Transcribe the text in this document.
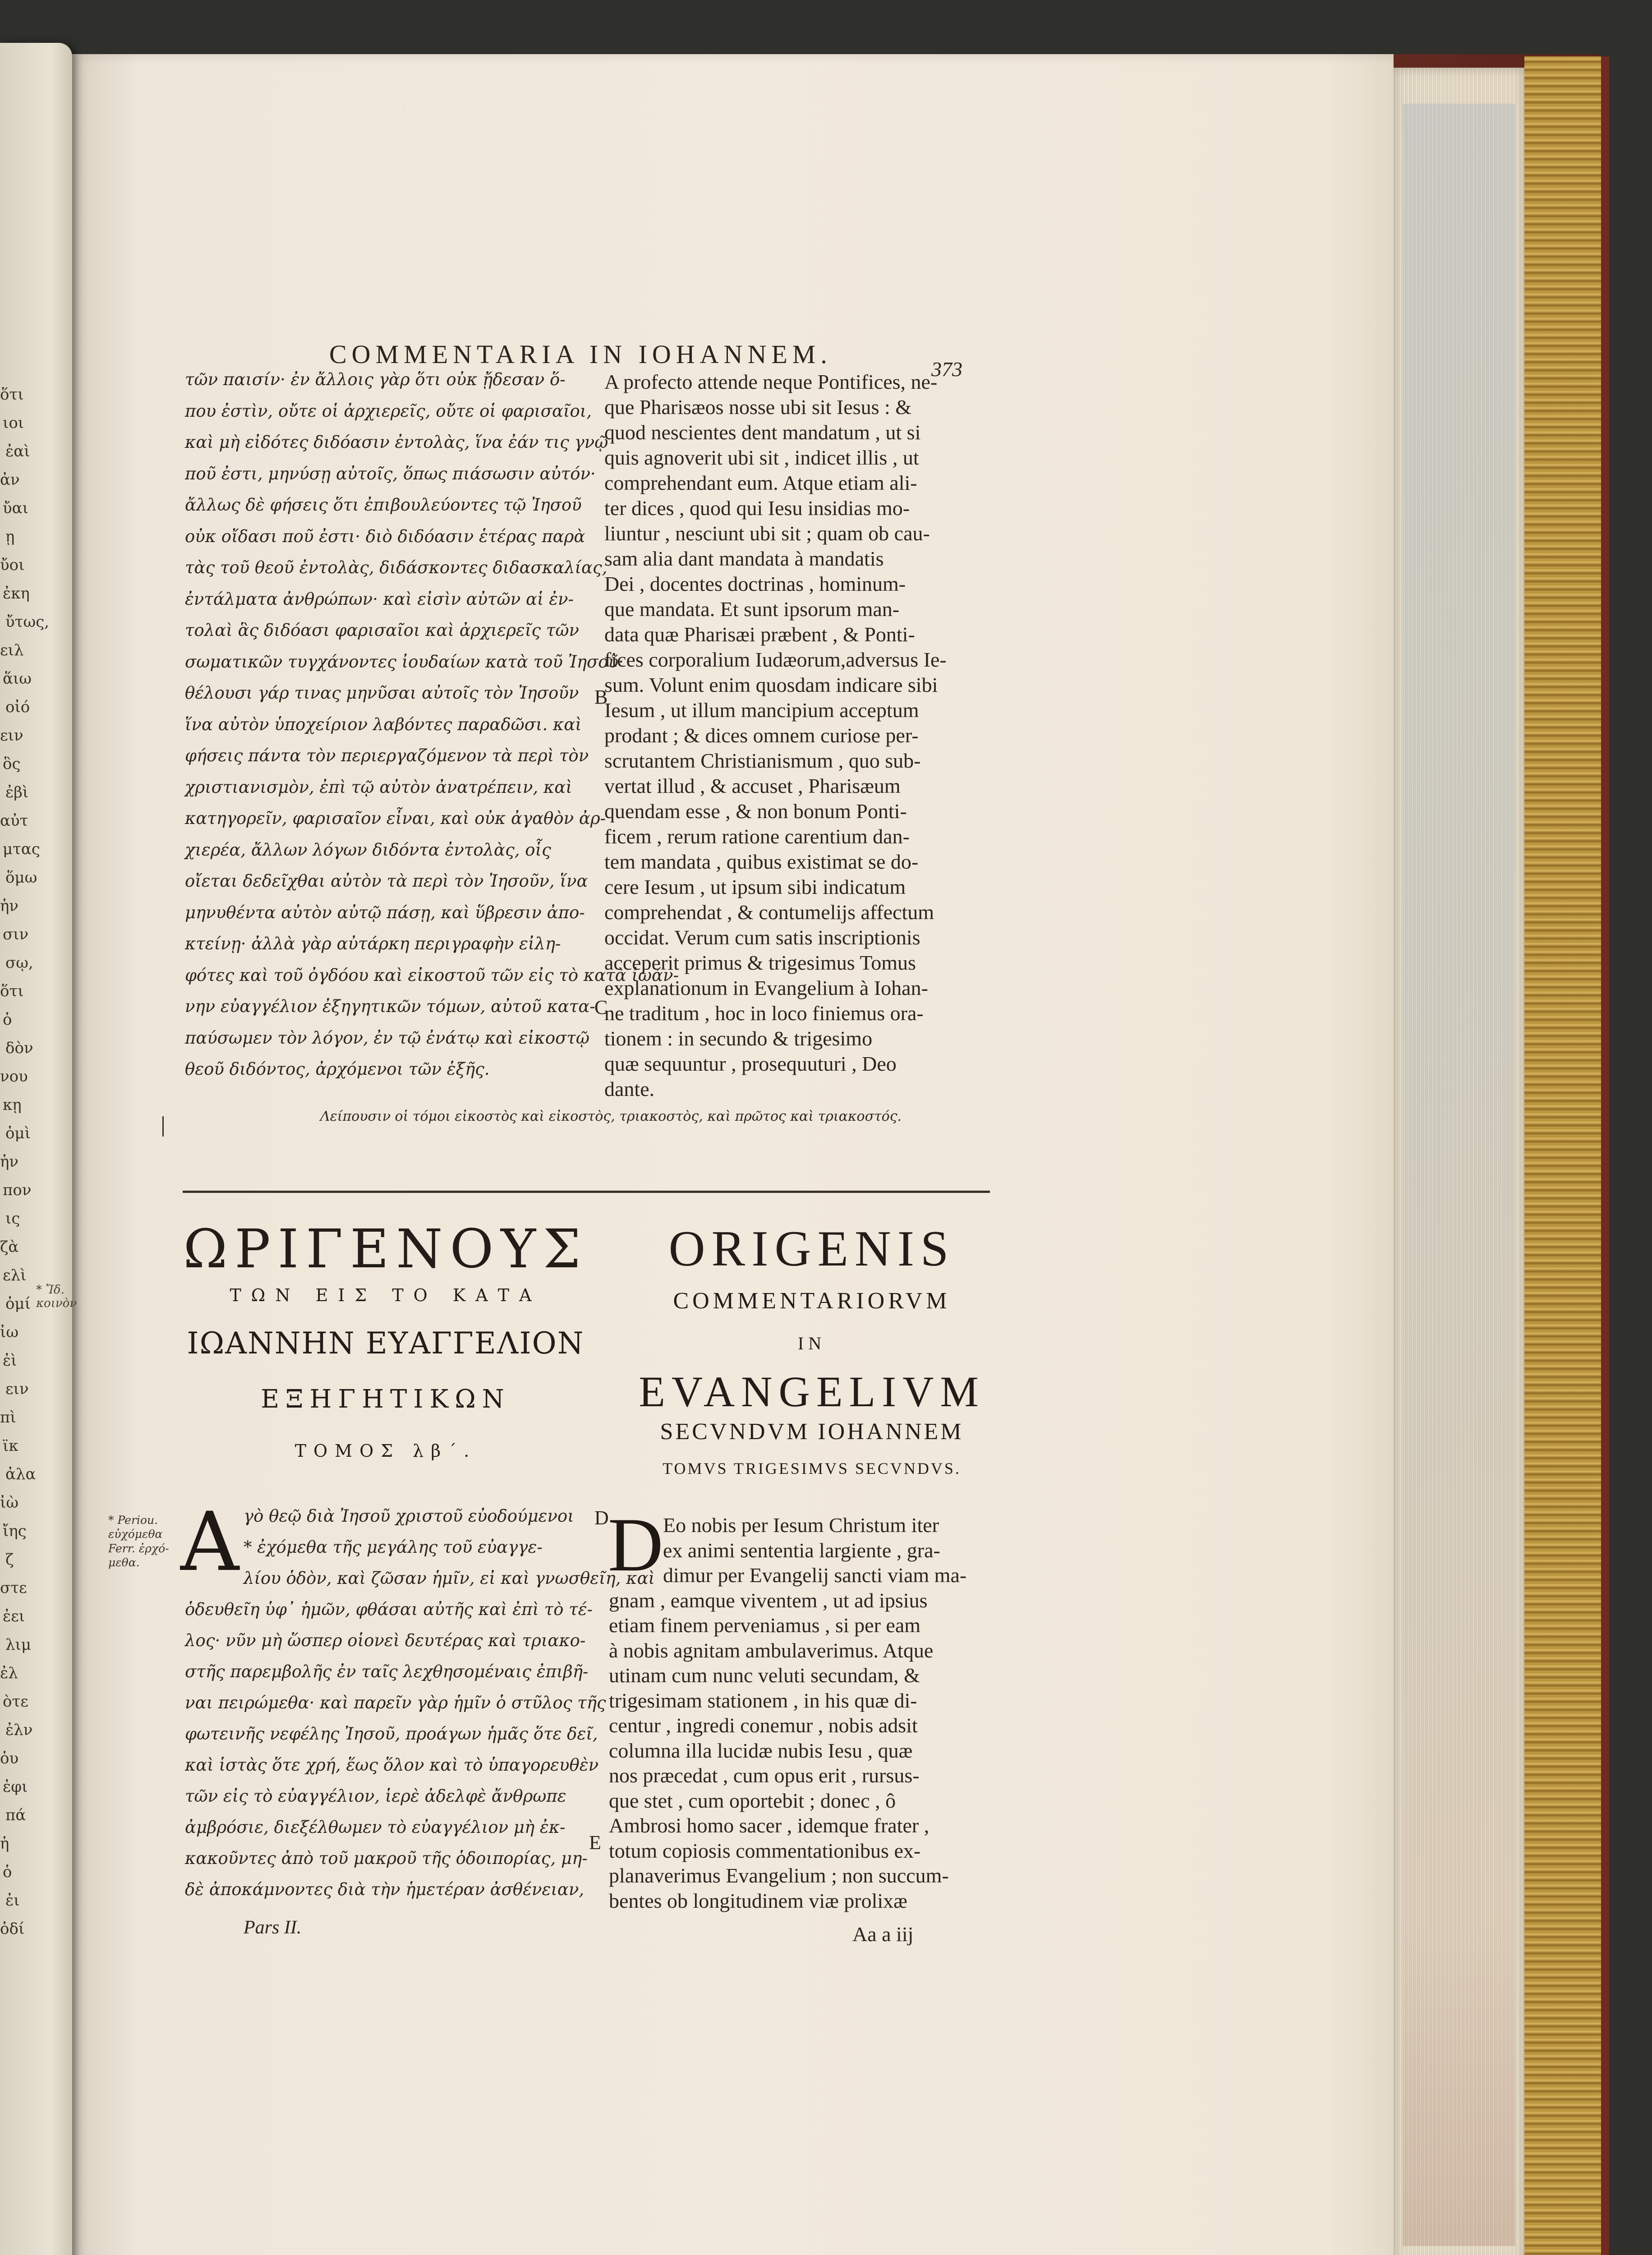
ὅτι
ιοι
ἐαὶ
ἀν
ὔαι
ῃ
ὔοι
ἐκη
ὔτως,
ειλ
ἅιω
οἰό
ειν
ὃς
ἐβὶ
αὐτ
μτας
ὅμω
ἡν
σιν
σῳ,
ὅτι
ὁ
δὸν
νου
κῃ
ὁμὶ
ἡν
πον
ις
ζὰ
ελὶ
ὁμί
ἰω
ἐὶ
ειν
πὶ
ϊκ
ἀλα
ἰὼ
ἴης
ζ
στε
ἐει
λιμ
ἐλ
ὸτε
ἐλν
ὁυ
ἐφι
πά
ἡ
ὁ
ἐι
ὁδί
* Ἴδ. κοινὸν
COMMENTARIA IN IOHANNEM.
373
τῶν παισίν· ἐν ἄλλοις γὰρ ὅτι οὐκ ᾔδεσαν ὅ-
που ἐστὶν, οὔτε οἱ ἀρχιερεῖς, οὔτε οἱ φαρισαῖοι,
καὶ μὴ εἰδότες διδόασιν ἐντολὰς, ἵνα ἐάν τις γνῷ
ποῦ ἐστι, μηνύσῃ αὐτοῖς, ὅπως πιάσωσιν αὐτόν·
ἄλλως δὲ φήσεις ὅτι ἐπιβουλεύοντες τῷ Ἰησοῦ
οὐκ οἴδασι ποῦ ἐστι· διὸ διδόασιν ἑτέρας παρὰ
τὰς τοῦ θεοῦ ἐντολὰς, διδάσκοντες διδασκαλίας,
ἐντάλματα ἀνθρώπων· καὶ εἰσὶν αὐτῶν αἱ ἐν-
τολαὶ ἃς διδόασι φαρισαῖοι καὶ ἀρχιερεῖς τῶν
σωματικῶν τυγχάνοντες ἰουδαίων κατὰ τοῦ Ἰησοῦ·
θέλουσι γάρ τινας μηνῦσαι αὐτοῖς τὸν Ἰησοῦν
ἵνα αὐτὸν ὑποχείριον λαβόντες παραδῶσι. καὶ
φήσεις πάντα τὸν περιεργαζόμενον τὰ περὶ τὸν
χριστιανισμὸν, ἐπὶ τῷ αὐτὸν ἀνατρέπειν, καὶ
κατηγορεῖν, φαρισαῖον εἶναι, καὶ οὐκ ἀγαθὸν ἀρ-
χιερέα, ἄλλων λόγων διδόντα ἐντολὰς, οἷς
οἴεται δεδεῖχθαι αὐτὸν τὰ περὶ τὸν Ἰησοῦν, ἵνα
μηνυθέντα αὐτὸν αὐτῷ πάσῃ, καὶ ὕβρεσιν ἀπο-
κτείνῃ· ἀλλὰ γὰρ αὐτάρκη περιγραφὴν εἰλη-
φότες καὶ τοῦ ὀγδόου καὶ εἰκοστοῦ τῶν εἰς τὸ κατὰ ἰωάν-
νην εὐαγγέλιον ἐξηγητικῶν τόμων, αὐτοῦ κατα-
παύσωμεν τὸν λόγον, ἐν τῷ ἐνάτῳ καὶ εἰκοστῷ
θεοῦ διδόντος, ἀρχόμενοι τῶν ἑξῆς.
A profecto attende neque Pontifices, ne-
que Pharisæos nosse ubi sit Iesus : &
quod nescientes dent mandatum , ut si
quis agnoverit ubi sit , indicet illis , ut
comprehendant eum. Atque etiam ali-
ter dices , quod qui Iesu insidias mo-
liuntur , nesciunt ubi sit ; quam ob cau-
sam alia dant mandata à mandatis
Dei , docentes doctrinas , hominum-
que mandata. Et sunt ipsorum man-
data quæ Pharisæi præbent , & Ponti-
fices corporalium Iudæorum,adversus Ie-
sum. Volunt enim quosdam indicare sibi
Iesum , ut illum mancipium acceptum
prodant ; & dices omnem curiose per-
scrutantem Christianismum , quo sub-
vertat illud , & accuset , Pharisæum
quendam esse , & non bonum Ponti-
ficem , rerum ratione carentium dan-
tem mandata , quibus existimat se do-
cere Iesum , ut ipsum sibi indicatum
comprehendat , & contumelijs affectum
occidat. Verum cum satis inscriptionis
acceperit primus & trigesimus Tomus
explanationum in Evangelium à Iohan-
ne traditum , hoc in loco finiemus ora-
tionem : in secundo & trigesimo
quæ sequuntur , prosequuturi , Deo
dante.
B
C
D
E
Λείπουσιν οἱ τόμοι εἰκοστὸς καὶ εἰκοστὸς, τριακοστὸς, καὶ πρῶτος καὶ τριακοστός.
ΩΡΙΓΕΝΟΥΣ
ΤΩΝ ΕΙΣ ΤΟ ΚΑΤΑ
ΙΩΑΝΝΗΝ ΕΥΑΓΓΕΛΙΟΝ
ΕΞΗΓΗΤΙΚΩΝ
ΤΟΜΟΣ λβ΄.
ORIGENIS
COMMENTARIORVM
IN
EVANGELIVM
SECVNDVM IOHANNEM
TOMVS TRIGESIMVS SECVNDVS.
* Periou. εὐχόμεθα Ferr. ἐρχό-μεθα. A γὸ θεῷ διὰ Ἰησοῦ χριστοῦ εὐοδούμενοι
* ἐχόμεθα τῆς μεγάλης τοῦ εὐαγγε-
λίου ὁδὸν, καὶ ζῶσαν ἡμῖν, εἰ καὶ γνωσθεῖη, καὶ
ὁδευθεῖη ὑφ᾽ ἡμῶν, φθάσαι αὐτῆς καὶ ἐπὶ τὸ τέ-
λος· νῦν μὴ ὥσπερ οἱονεὶ δευτέρας καὶ τριακο-
στῆς παρεμβολῆς ἐν ταῖς λεχθησομέναις ἐπιβῆ-
ναι πειρώμεθα· καὶ παρεῖν γὰρ ἡμῖν ὁ στῦλος τῆς
φωτεινῆς νεφέλης Ἰησοῦ, προάγων ἡμᾶς ὅτε δεῖ,
καὶ ἱστὰς ὅτε χρή, ἕως ὅλον καὶ τὸ ὑπαγορευθὲν
τῶν εἰς τὸ εὐαγγέλιον, ἱερὲ ἀδελφὲ ἄνθρωπε
ἀμβρόσιε, διεξέλθωμεν τὸ εὐαγγέλιον μὴ ἐκ-
κακοῦντες ἀπὸ τοῦ μακροῦ τῆς ὁδοιπορίας, μη-
δὲ ἀποκάμνοντες διὰ τὴν ἡμετέραν ἀσθένειαν,
D Eo nobis per Iesum Christum iter
ex animi sententia largiente , gra-
dimur per Evangelij sancti viam ma-
gnam , eamque viventem , ut ad ipsius
etiam finem perveniamus , si per eam
à nobis agnitam ambulaverimus. Atque
utinam cum nunc veluti secundam, &
trigesimam stationem , in his quæ di-
centur , ingredi conemur , nobis adsit
columna illa lucidæ nubis Iesu , quæ
nos præcedat , cum opus erit , rursus-
que stet , cum oportebit ; donec , ô
Ambrosi homo sacer , idemque frater ,
totum copiosis commentationibus ex-
planaverimus Evangelium ; non succum-
bentes ob longitudinem viæ prolixæ
Pars II.	Aa a iij
